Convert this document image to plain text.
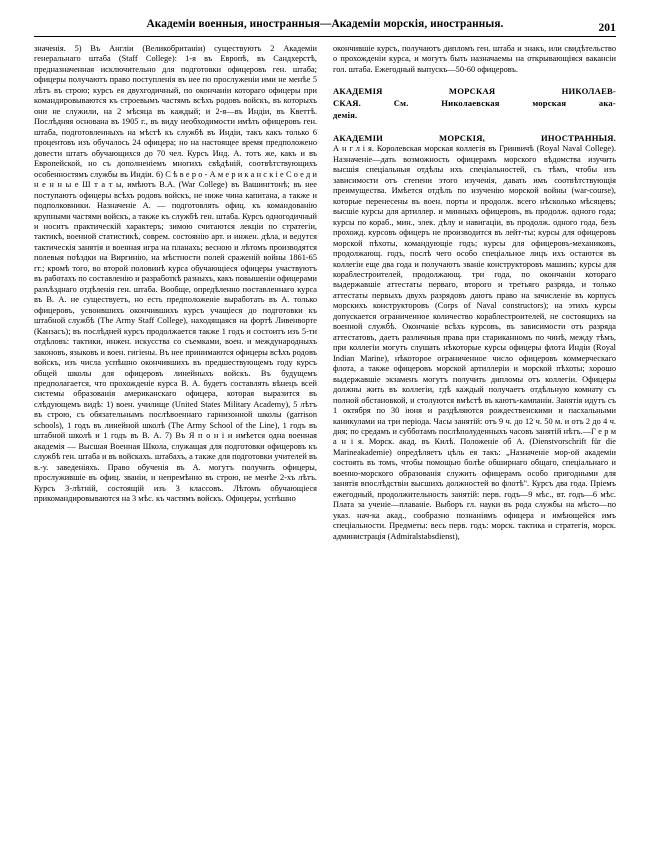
Академіи военныя, иностранныя — Академіи морскія, иностранныя.	201

значенія. 5) Въ Англіи (Великобританіи) существуютъ 2 Академіи генеральнаго штаба (Staff College): 1-я въ Европѣ, въ Сандхерстѣ, предназначенная исключительно для подготовки офицеровъ ген. штаба; офицеры получаютъ право поступленія въ нее по прослуженіи ими не менѣе 5 лѣтъ въ строю; курсъ ея двухгодичный, по окончаніи котораго офицеры при командировываются къ строевымъ частямъ всѣхъ родовъ войскъ, въ которыхъ они не служили, на 2 мѣсяца въ каждый; и 2-я—въ Индіи, въ Кветтѣ. Послѣдняя основана въ 1905 г., въ виду необходимости имѣть офицеровъ ген. штаба, подготовленныхъ на мѣстѣ къ службѣ въ Индіи, такъ какъ только 6 процентовъ изъ обучалось 24 офицера; но на настоящее время предположено довести штатъ обучающихся до 70 чел. Курсъ Инд. А. тотъ же, какъ и въ Европейской, но съ дополненіемъ многихъ свѣдѣній, соотвѣтствующихъ особенностямъ службы въ Индіи. 6) С ѣ в е р о - А м е р и к а н с к і е С о е д и н е н н ы е Ш т а т ы, имѣютъ В.А. (War College) въ Вашингтонѣ; въ нее поступаютъ офицеры всѣхъ родовъ войскъ, не ниже чина капитана, а также и подполковники. Назначеніе А. — подготовлять офиц. къ командованію крупными частями войскъ, а также къ службѣ ген. штаба. Курсъ одногодичный и носитъ практическій характеръ; зимою считаются лекціи по стратегіи, тактикѣ, военной статистикѣ, соврем. состоянію арт. и инжен. дѣла, и ведутся тактическія занятія и военная игра на планахъ; весною и лѣтомъ производятся полевыя поѣздки на Виргинію, на мѣстности полей сраженій войны 1861-65 гг.; кромѣ того, во второй половинѣ курса обучающіеся офицеры участвуютъ въ работахъ по составленію и разработкѣ разныхъ, какъ повышеніи офицерами разъѣзднаго отдѣленія ген. штаба. Вообще, опредѣленно поставленнаго курса въ В. А. не существуетъ, но есть предположеніе выработать въ А. только офицеровъ, усвоившихъ окончившихъ курсъ учащіеся до подготовки къ штабной службѣ (The Army Staff College), находящаяся на фортѣ Ливенворте (Канзасъ); въ послѣдней курсъ продолжается также 1 годъ и состоитъ изъ 5-ти отдѣловъ: тактики, инжен. искусства со съемками, воен. и международныхъ законовъ, языковъ и воен. гигіены. Въ нее принимаются офицеры всѣхъ родовъ войскъ, изъ числа успѣшно окончившихъ въ предшествующемъ году курсъ общей школы для офицеровъ линейныхъ войскъ. Въ будущемъ предполагается, что прохожденіе курса В. А. будетъ составлять вѣнецъ всей системы образованія американскаго офицера, которая выразится въ слѣдующемъ видѣ: 1) воен. училище (United States Military Academy), 5 лѣтъ въ строю, съ обязательнымъ послѣвоеннаго гарнизонной школы (garrison schools), 1 годъ въ линейной школѣ (The Army School of the Line), 1 годъ въ штабной школѣ и 1 годъ въ В. А. 7) Въ Я п о н і и имѣется одна военная академія — Высшая Военная Школа, служащая для подготовки офицеровъ къ службѣ ген. штаба и въ войскахъ. штабахъ, а также для подготовки учителей въ в.-у. заведеніяхъ. Право обученія въ А. могутъ получить офицеры, прослужившіе въ офиц. званіи, и непремѣнно въ строю, не менѣе 2-хъ лѣтъ. Курсъ 3-лѣтній, состоящій изъ 3 классовъ. Лѣтомъ обучающіеся прикомандировываются на 3 мѣс. къ частямъ войскъ. Офицеры, успѣшно

окончившіе курсъ, получаютъ дипломъ ген. штаба и знакъ, или свидѣтельство о прохожденіи курса, и могутъ быть назначаемы на открывающіяся вакансіи гол. штаба. Ежегодный выпускъ—50-60 офицеровъ.

АКАДЕМІЯ МОРСКАЯ НИКОЛАЕВ-
СКАЯ. См. Николаевская морская ака-
демія.
АКАДЕМІИ МОРСКІЯ, ИНОСТРАННЫЯ.

А н г л і я. Королевская морская коллегія въ Гринвичѣ (Royal Naval College). Назначеніе—дать возможность офицерамъ морского вѣдомства изучить высшія спеціальныя отдѣлы ихъ спеціальностей, съ тѣмъ, чтобы изъ зависимости отъ степени этого изученія, давать имъ соотвѣтствующія преимущества. Имѣется отдѣлъ по изученію морской войны (war-course), которые перенесены въ воен. порты и продолж. всего нѣсколько мѣсяцевъ; высшіе курсы для артиллер. и минныхъ офицеровъ, въ продолж. одного года; курсы по кораб., мин., элек. дѣлу и навигаціи, въ продолж. одного года, безъ прохожд. курсовъ офицеръ не производится въ лейт-ты; курсы для офицеровъ морской пѣхоты, командующіе годъ; курсы для офицеровъ-механиковъ, продолжающ. годъ, послѣ чего особо спеціальное лицъ ихъ остаются въ коллегіи еще два года и получаютъ званіе конструкторовъ машинъ; курсы для кораблестроителей, продолжающ. три года, по окончаніи котораго выдержавшіе аттестаты перваго, второго и третьяго разряда, и только аттестаты первыхъ двухъ разрядовъ даютъ право на зачисленіе въ корпусъ морскихъ конструкторовъ (Corps of Naval constructors); на этихъ курсы допускается ограниченное количество кораблестроителей, не состоящихъ на военной службѣ. Окончаніе всѣхъ курсовъ, въ зависимости отъ разряда аттестатовъ, даетъ различныя права при стариканномъ по чинѣ, между тѣмъ, при коллегіи могутъ слушать нѣкоторые курсы офицеры флота Индіи (Royal Indian Marine), нѣкоторое ограниченное число офицеровъ коммерческаго флота, а также офицеровъ морской артиллеріи и морской пѣхоты; хорошо выдержавшіе экзаменъ могутъ получить дипломы отъ коллегіи. Офицеры должны жить въ коллегіи, гдѣ каждый получаетъ отдѣльную комнату съ полной обстановкой, и столуются вмѣстѣ въ каютъ-кампаніи. Занятія идутъ съ 1 октября по 30 іюня и раздѣляются рождественскими и пасхальными каникулами на три періода. Часы занятій: отъ 9 ч. до 12 ч. 50 м. и отъ 2 до 4 ч. дня; по средамъ и субботамъ послѣполуденныхъ часовъ занятій нѣтъ.—Г е р м а н і я. Морск. акад. въ Килѣ. Положеніе об А. (Dienstvorschrift für die Marineakademie) опредѣляетъ цѣль ея такъ: „Назначеніе мор-ой академіи состоять въ томъ, чтобы помощью болѣе обширнаго общаго, спеціальнаго и военно-морского образованія служить офицерамъ особо пригодными для занятія впослѣдствіи высшихъ должностей во флотѣ". Курсъ два года. Пріемъ ежегодный, продолжительность занятій: перв. годъ—9 мѣс., вт. годъ—6 мѣс. Плата за ученіе—плаваніе. Выборъ гл. науки въ рода службы на мѣсто—по указ. нач-ка акад., сообразно познаніямъ офицера и имѣющейся имъ спеціальности. Предметы: весь перв. годъ: морск. тактика и стратегія, морск. администрація (Admiralstabsdienst),
